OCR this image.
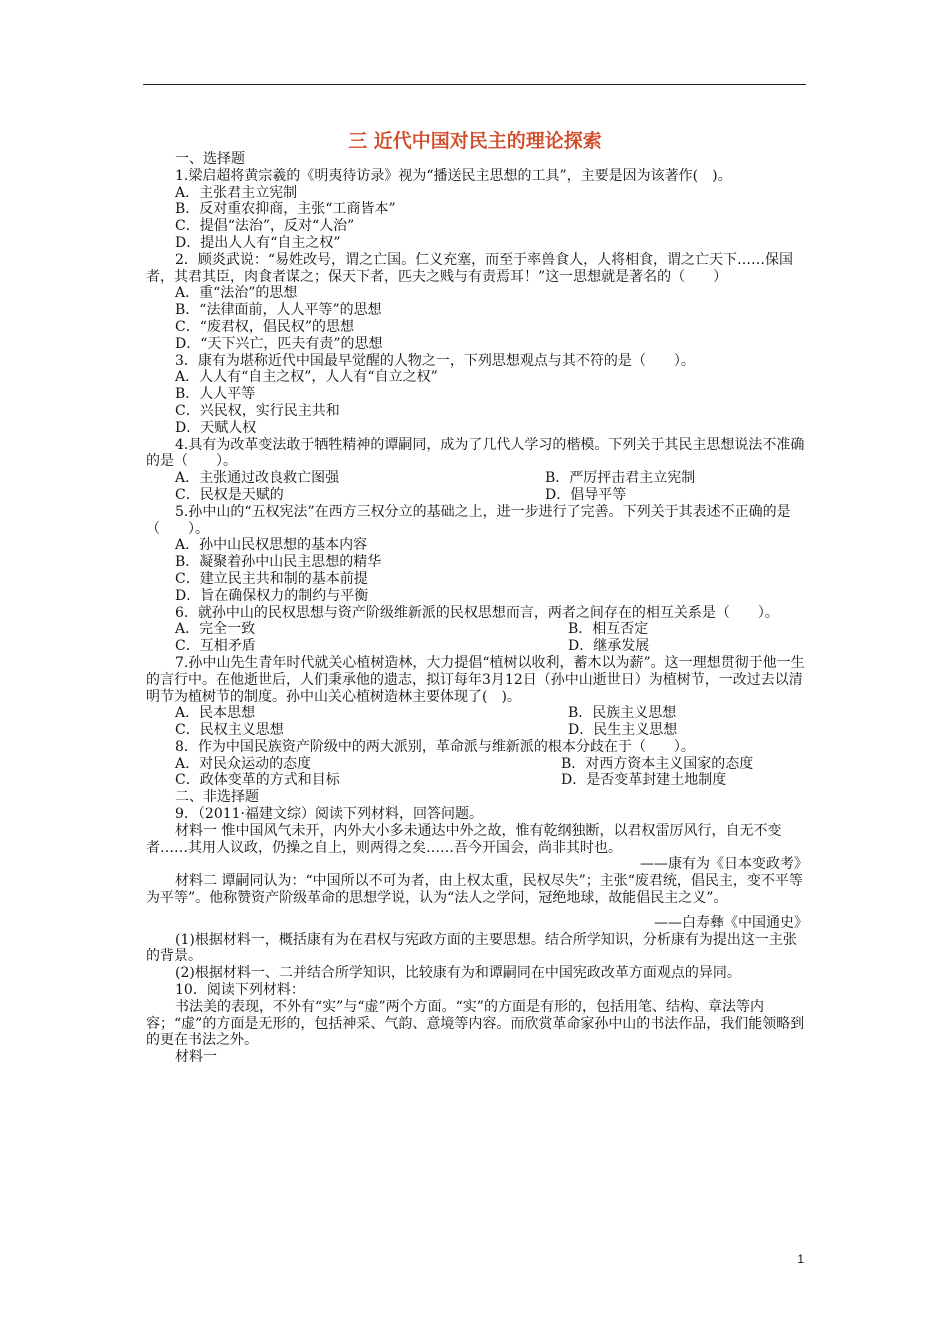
三 近代中国对民主的理论探索

一、选择题

1.梁启超将黄宗羲的《明夷待访录》视为“播送民主思想的工具”，主要是因为该著作(　)。

A．主张君主立宪制

B．反对重农抑商，主张“工商皆本”

C．提倡“法治”，反对“人治”

D．提出人人有“自主之权”

2．顾炎武说：“易姓改号，谓之亡国。仁义充塞，而至于率兽食人，人将相食，谓之亡天下……保国者，其君其臣，肉食者谋之；保天下者，匹夫之贱与有责焉耳！”这一思想就是著名的（　　）

A．重“法治”的思想

B．“法律面前，人人平等”的思想

C．“废君权，倡民权”的思想

D．“天下兴亡，匹夫有责”的思想

3．康有为堪称近代中国最早觉醒的人物之一，下列思想观点与其不符的是（　　）。

A．人人有“自主之权”，人人有“自立之权”

B．人人平等

C．兴民权，实行民主共和

D．天赋人权

4.具有为改革变法敢于牺牲精神的谭嗣同，成为了几代人学习的楷模。下列关于其民主思想说法不准确的是（　　）。

A．主张通过改良救亡图强	B．严厉抨击君主立宪制
C．民权是天赋的	D．倡导平等

5.孙中山的“五权宪法”在西方三权分立的基础之上，进一步进行了完善。下列关于其表述不正确的是（　　）。

A．孙中山民权思想的基本内容

B．凝聚着孙中山民主思想的精华

C．建立民主共和制的基本前提

D．旨在确保权力的制约与平衡

6．就孙中山的民权思想与资产阶级维新派的民权思想而言，两者之间存在的相互关系是（　　）。

A．完全一致	B．相互否定
C．互相矛盾	D．继承发展

7.孙中山先生青年时代就关心植树造林，大力提倡“植树以收利，蓄木以为薪”。这一理想贯彻于他一生的言行中。在他逝世后，人们秉承他的遗志，拟订每年3月12日（孙中山逝世日）为植树节，一改过去以清明节为植树节的制度。孙中山关心植树造林主要体现了(　)。

A．民本思想	B．民族主义思想
C．民权主义思想	D．民生主义思想

8．作为中国民族资产阶级中的两大派别，革命派与维新派的根本分歧在于（　　）。

A．对民众运动的态度	B．对西方资本主义国家的态度
C．政体变革的方式和目标	D．是否变革封建土地制度

二、非选择题

9．（2011·福建文综）阅读下列材料，回答问题。

材料一 惟中国风气未开，内外大小多未通达中外之故，惟有乾纲独断，以君权雷厉风行，自无不变者……其用人议政，仍操之自上，则两得之矣……吾今开国会，尚非其时也。

——康有为《日本变政考》

材料二 谭嗣同认为：“中国所以不可为者，由上权太重，民权尽失”；主张“废君统，倡民主，变不平等为平等”。他称赞资产阶级革命的思想学说，认为“法人之学问，冠绝地球，故能倡民主之义”。

——白寿彝《中国通史》

(1)根据材料一，概括康有为在君权与宪政方面的主要思想。结合所学知识，分析康有为提出这一主张的背景。

(2)根据材料一、二并结合所学知识，比较康有为和谭嗣同在中国宪政改革方面观点的异同。

10．阅读下列材料：

书法美的表现，不外有“实”与“虚”两个方面。“实”的方面是有形的，包括用笔、结构、章法等内容；“虚”的方面是无形的，包括神采、气韵、意境等内容。而欣赏革命家孙中山的书法作品，我们能领略到的更在书法之外。

材料一

1
